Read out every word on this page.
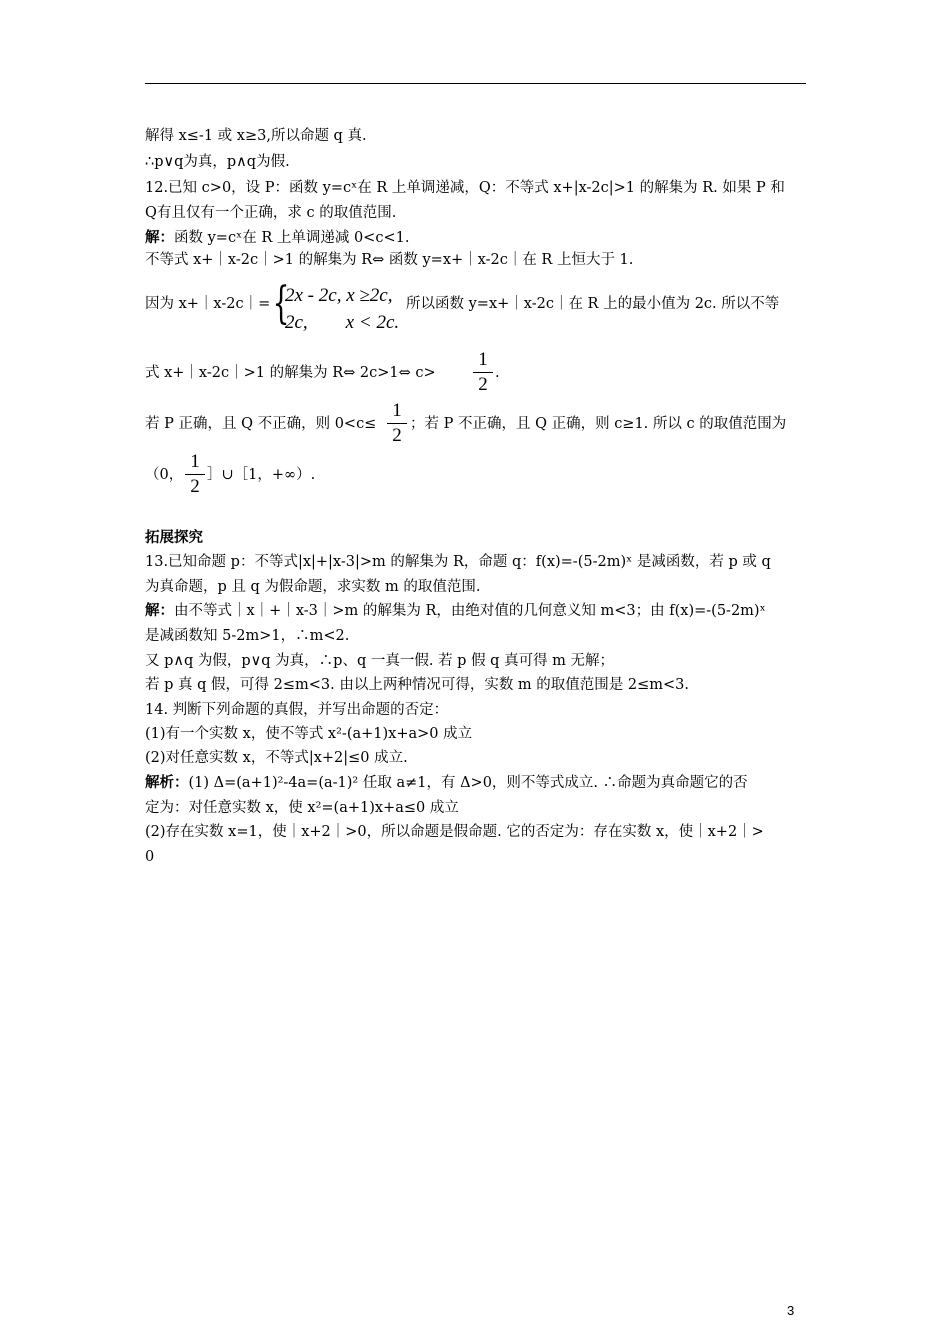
解得 x≤-1 或 x≥3,所以命题 q 真.
∴p∨q为真，p∧q为假.
12.已知 c>0，设 P：函数 y=cˣ在 R 上单调递减，Q：不等式 x+|x-2c|>1 的解集为 R. 如果 P 和
Q有且仅有一个正确，求 c 的取值范围.
解：函数 y=cˣ在 R 上单调递减 0<c<1.
不等式 x+｜x-2c｜>1 的解集为 R⇔ 函数 y=x+｜x-2c｜在 R 上恒大于 1.
因为 x+｜x-2c｜= {
2x - 2c, x ≥2c,
2c,        x < 2c.
所以函数 y=x+｜x-2c｜在 R 上的最小值为 2c. 所以不等
式 x+｜x-2c｜>1 的解集为 R⇔ 2c>1⇔ c>
1
2
.
若 P 正确，且 Q 不正确，则 0<c≤
1
2
；若 P 不正确，且 Q 正确，则 c≥1. 所以 c 的取值范围为
（0，
1
2
］∪［1，+∞）.
拓展探究
13.已知命题 p：不等式|x|+|x-3|>m 的解集为 R，命题 q：f(x)=-(5-2m)ˣ 是减函数，若 p 或 q
为真命题，p 且 q 为假命题，求实数 m 的取值范围.
解：由不等式｜x｜+｜x-3｜>m 的解集为 R，由绝对值的几何意义知 m<3；由 f(x)=-(5-2m)ˣ
是减函数知 5-2m>1，∴m<2.
又 p∧q 为假，p∨q 为真，∴p、q 一真一假. 若 p 假 q 真可得 m 无解；
若 p 真 q 假，可得 2≤m<3. 由以上两种情况可得，实数 m 的取值范围是 2≤m<3.
14. 判断下列命题的真假，并写出命题的否定：
(1)有一个实数 x，使不等式 x²-(a+1)x+a>0 成立
(2)对任意实数 x，不等式|x+2|≤0 成立.
解析：(1) Δ=(a+1)²-4a=(a-1)² 任取 a≠1，有 Δ>0，则不等式成立. ∴命题为真命题它的否
定为：对任意实数 x，使 x²=(a+1)x+a≤0 成立
(2)存在实数 x=1，使｜x+2｜>0，所以命题是假命题. 它的否定为：存在实数 x，使｜x+2｜>
0
3
